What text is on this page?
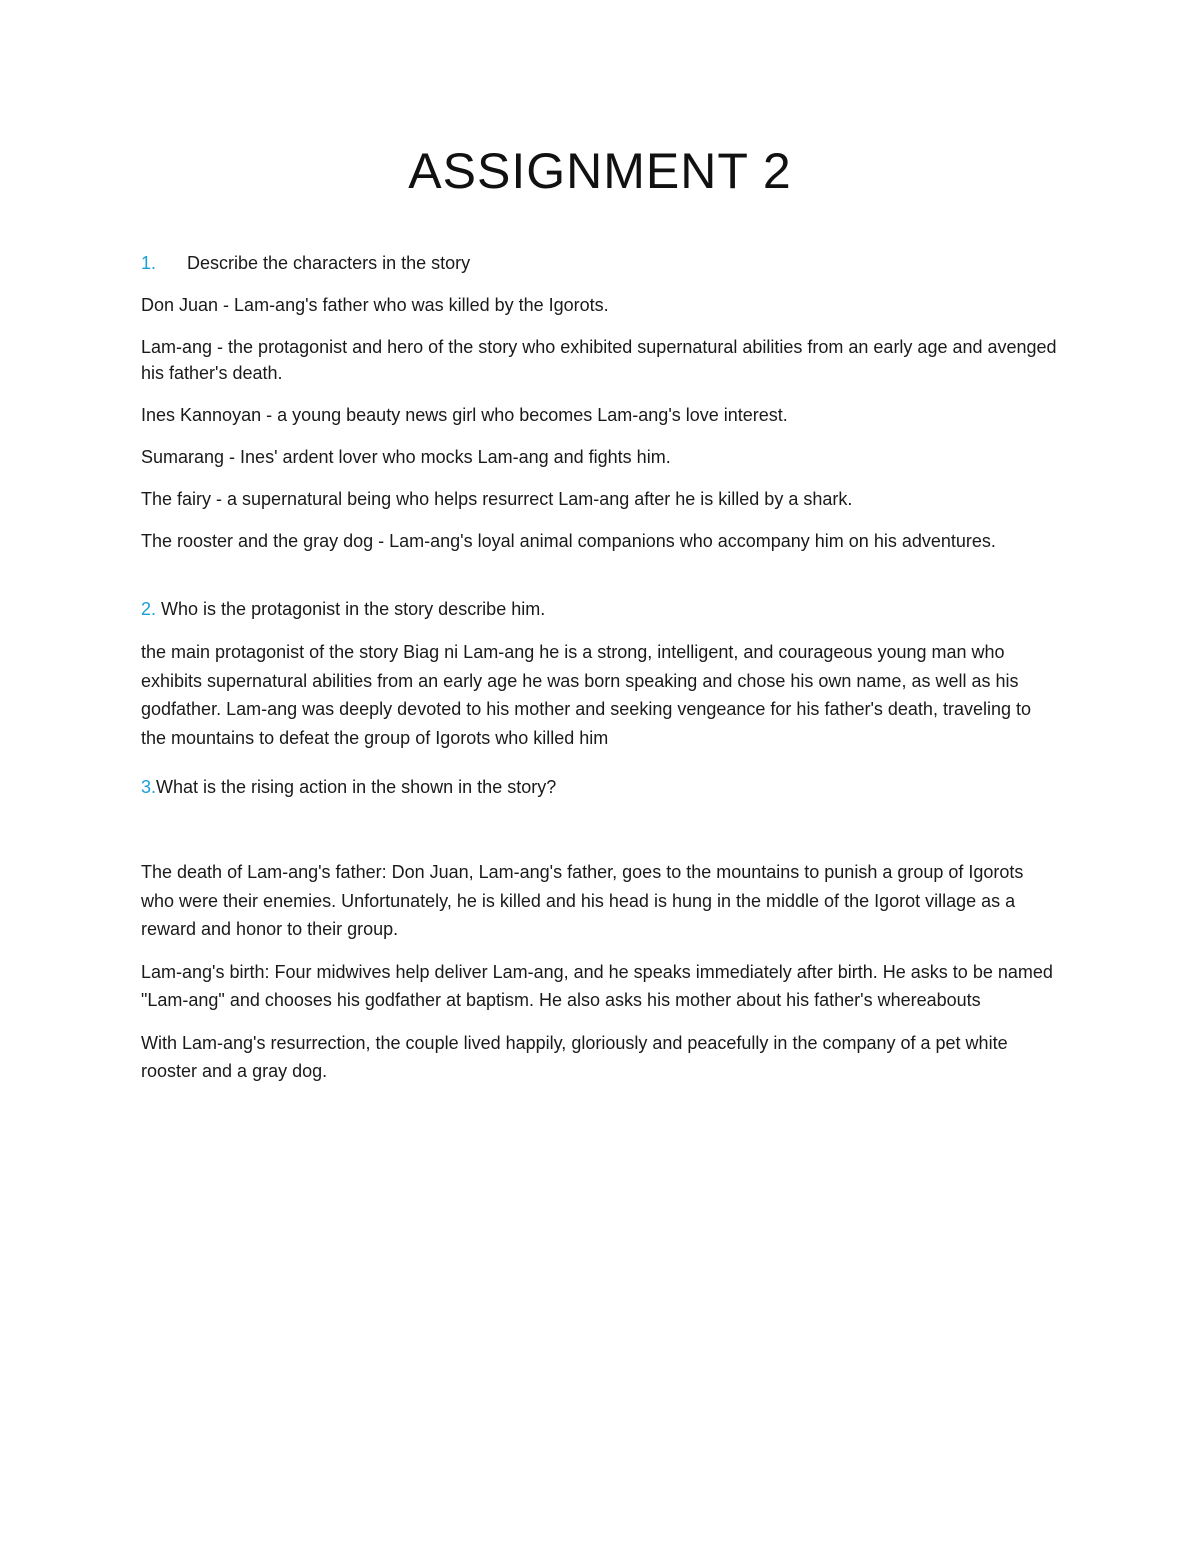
ASSIGNMENT 2

1. Describe the characters in the story

Don Juan - Lam-ang's father who was killed by the Igorots.

Lam-ang - the protagonist and hero of the story who exhibited supernatural abilities from an early age and avenged his father's death.

Ines Kannoyan - a young beauty news girl who becomes Lam-ang's love interest.

Sumarang - Ines' ardent lover who mocks Lam-ang and fights him.

The fairy - a supernatural being who helps resurrect Lam-ang after he is killed by a shark.

The rooster and the gray dog - Lam-ang's loyal animal companions who accompany him on his adventures.

2. Who is the protagonist in the story describe him.

the main protagonist of the story Biag ni Lam-ang he is a strong, intelligent, and courageous young man who exhibits supernatural abilities from an early age he was born speaking and chose his own name, as well as his godfather. Lam-ang was deeply devoted to his mother and seeking vengeance for his father's death, traveling to the mountains to defeat the group of Igorots who killed him

3.What is the rising action in the shown in the story?

The death of Lam-ang's father: Don Juan, Lam-ang's father, goes to the mountains to punish a group of Igorots who were their enemies. Unfortunately, he is killed and his head is hung in the middle of the Igorot village as a reward and honor to their group.

Lam-ang's birth: Four midwives help deliver Lam-ang, and he speaks immediately after birth. He asks to be named "Lam-ang" and chooses his godfather at baptism. He also asks his mother about his father's whereabouts

With Lam-ang's resurrection, the couple lived happily, gloriously and peacefully in the company of a pet white rooster and a gray dog.
